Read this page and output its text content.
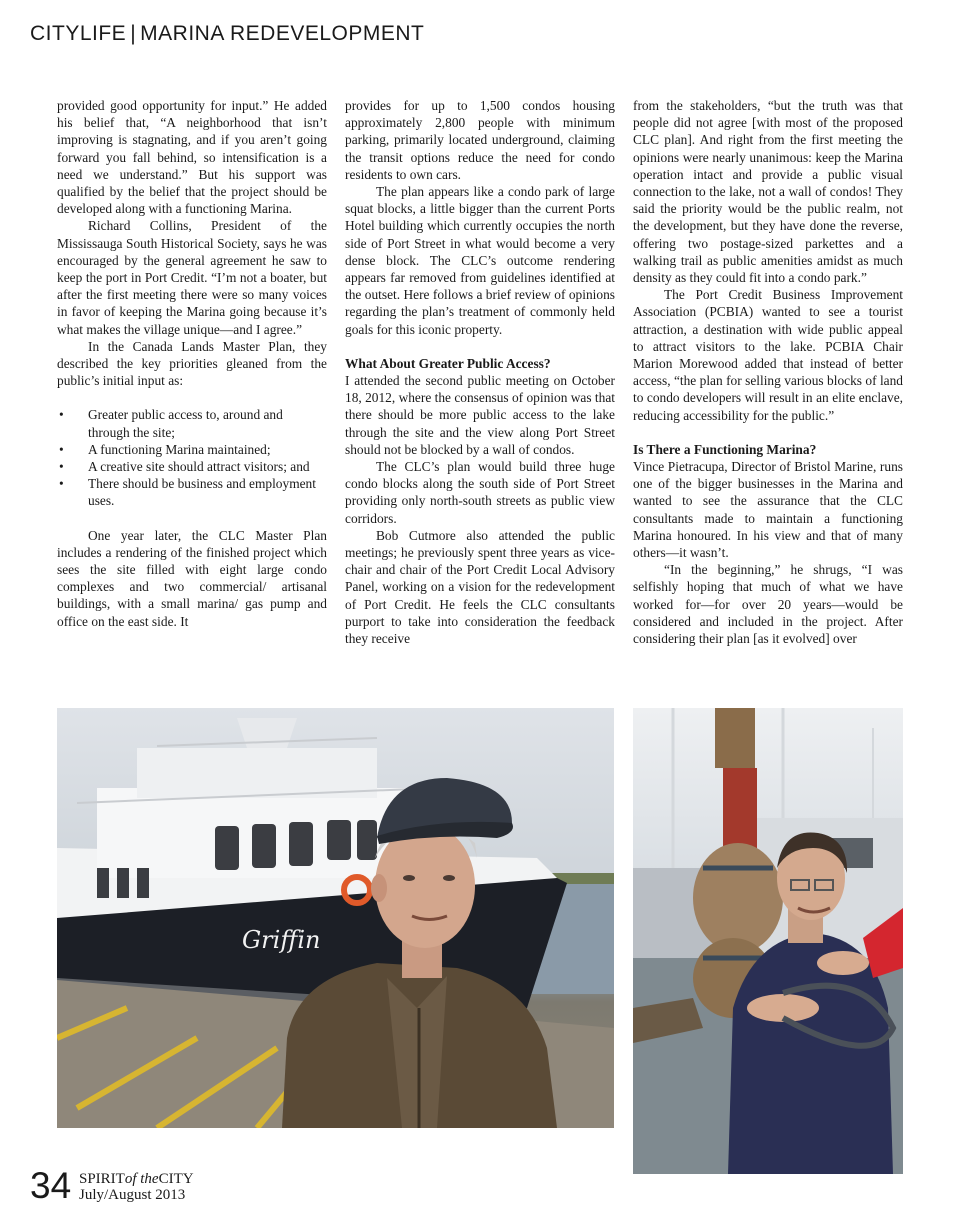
CITYLIFE | MARINA REDEVELOPMENT

provided good opportunity for input.” He added his belief that, “A neighborhood that isn’t improving is stagnating, and if you aren’t going forward you fall behind, so intensification is a need we understand.” But his support was qualified by the belief that the project should be developed along with a functioning Marina.

Richard Collins, President of the Mississauga South Historical Society, says he was encouraged by the general agreement he saw to keep the port in Port Credit. “I’m not a boater, but after the first meeting there were so many voices in favor of keeping the Marina going because it’s what makes the village unique—and I agree.”

In the Canada Lands Master Plan, they described the key priorities gleaned from the public’s initial input as:

• Greater public access to, around and through the site;
• A functioning Marina maintained;
• A creative site should attract visitors; and
• There should be business and employment uses.

One year later, the CLC Master Plan includes a rendering of the finished project which sees the site filled with eight large condo complexes and two commercial/ artisanal buildings, with a small marina/ gas pump and office on the east side. It

provides for up to 1,500 condos housing approximately 2,800 people with minimum parking, primarily located underground, claiming the transit options reduce the need for condo residents to own cars.

The plan appears like a condo park of large squat blocks, a little bigger than the current Ports Hotel building which currently occupies the north side of Port Street in what would become a very dense block. The CLC’s outcome rendering appears far removed from guidelines identified at the outset. Here follows a brief review of opinions regarding the plan’s treatment of commonly held goals for this iconic property.

What About Greater Public Access?

I attended the second public meeting on October 18, 2012, where the consensus of opinion was that there should be more public access to the lake through the site and the view along Port Street should not be blocked by a wall of condos.

The CLC’s plan would build three huge condo blocks along the south side of Port Street providing only north-south streets as public view corridors.

Bob Cutmore also attended the public meetings; he previously spent three years as vice-chair and chair of the Port Credit Local Advisory Panel, working on a vision for the redevelopment of Port Credit. He feels the CLC consultants purport to take into consideration the feedback they receive

from the stakeholders, “but the truth was that people did not agree [with most of the proposed CLC plan]. And right from the first meeting the opinions were nearly unanimous: keep the Marina operation intact and provide a public visual connection to the lake, not a wall of condos! They said the priority would be the public realm, not the development, but they have done the reverse, offering two postage-sized parkettes and a walking trail as public amenities amidst as much density as they could fit into a condo park.”

The Port Credit Business Improvement Association (PCBIA) wanted to see a tourist attraction, a destination with wide public appeal to attract visitors to the lake. PCBIA Chair Marion Morewood added that instead of better access, “the plan for selling various blocks of land to condo developers will result in an elite enclave, reducing accessibility for the public.”

Is There a Functioning Marina?

Vince Pietracupa, Director of Bristol Marine, runs one of the bigger businesses in the Marina and wanted to see the assurance that the CLC consultants made to maintain a functioning Marina honoured. In his view and that of many others—it wasn’t.

“In the beginning,” he shrugs, “I was selfishly hoping that much of what we have worked for—for over 20 years—would be considered and included in the project. After considering their plan [as it evolved] over

Griffin
34 SPIRITof theCITY
July/August 2013
